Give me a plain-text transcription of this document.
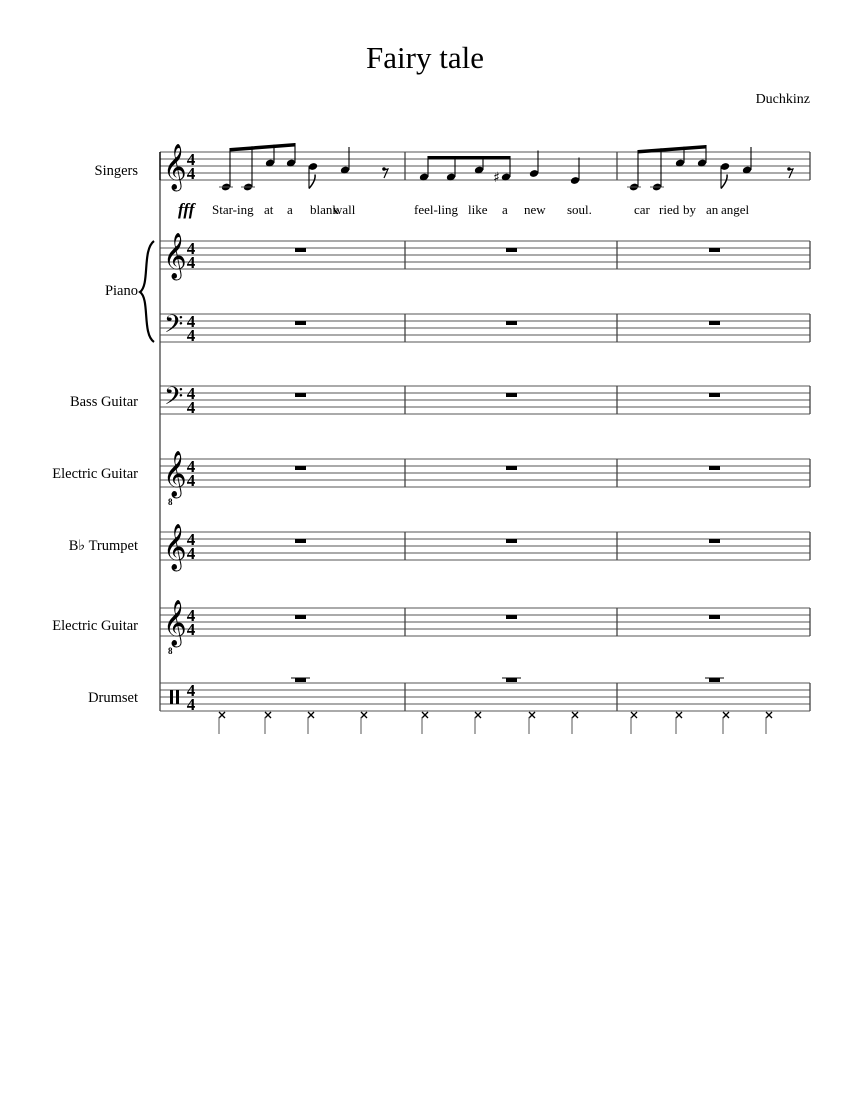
Fairy tale
Duchkinz
Singers
Piano
Bass Guitar
Electric Guitar
B♭ Trumpet
Electric Guitar
Drumset
𝄞 4
4
𝄞 4
4
𝄢 4
4
𝄢 4
4
𝄞
8
4
4
𝄞 4
4
𝄞
8
4
4
4
4
♯
fff Star-ing at a blank
wall	feel-ling like a new soul.	car ried by an angel
